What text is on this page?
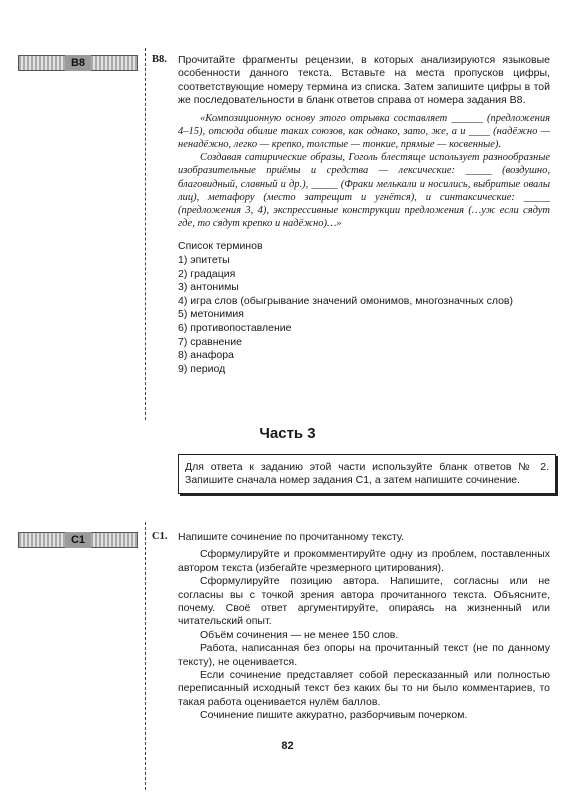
B8	B8. Прочитайте фрагменты рецензии, в которых анализируются языковые особенности данного текста. Вставьте на места пропусков цифры, соответствующие номеру термина из списка. Затем запишите цифры в той же последовательности в бланк ответов справа от номера задания В8.

«Композиционную основу этого отрывка составляет ______ (предложения 4–15), отсюда обилие таких союзов, как однако, зато, же, а и ____ (надёжно — ненадёжно, легко — крепко, толстые — тонкие, прямые — косвенные).

Создавая сатирические образы, Гоголь блестяще использует разнообразные изобразительные приёмы и средства — лексические: _____ (воздушно, благовидный, славный и др.), _____ (Фраки мелькали и носились, выбритые овалы лиц), метафору (место затрещит и угнётся), и синтаксические: _____ (предложения 3, 4), экспрессивные конструкции предложения (…уж если сядут где, то сядут крепко и надёжно)…»

Список терминов
1) эпитеты
2) градация
3) антонимы
4) игра слов (обыгрывание значений омонимов, многозначных слов)
5) метонимия
6) противопоставление
7) сравнение
8) анафора
9) период
Часть 3
Для ответа к заданию этой части используйте бланк ответов № 2. Запишите сначала номер задания С1, а затем напишите сочинение.
C1	С1. Напишите сочинение по прочитанному тексту.

Сформулируйте и прокомментируйте одну из проблем, поставленных автором текста (избегайте чрезмерного цитирования).

Сформулируйте позицию автора. Напишите, согласны или не согласны вы с точкой зрения автора прочитанного текста. Объясните, почему. Своё ответ аргументируйте, опираясь на жизненный или читательский опыт.

Объём сочинения — не менее 150 слов.

Работа, написанная без опоры на прочитанный текст (не по данному тексту), не оценивается.

Если сочинение представляет собой пересказанный или полностью переписанный исходный текст без каких бы то ни было комментариев, то такая работа оценивается нулём баллов.

Сочинение пишите аккуратно, разборчивым почерком.

82
